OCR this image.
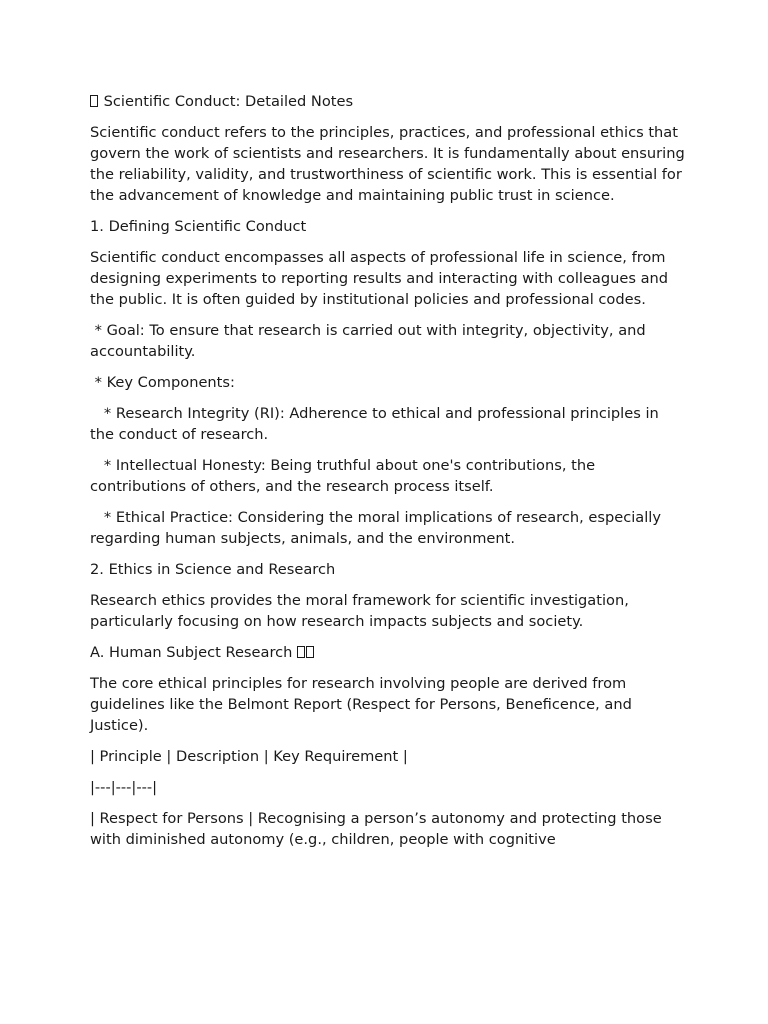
Scientific Conduct: Detailed Notes

Scientific conduct refers to the principles, practices, and professional ethics that govern the work of scientists and researchers. It is fundamentally about ensuring the reliability, validity, and trustworthiness of scientific work. This is essential for the advancement of knowledge and maintaining public trust in science.

1. Defining Scientific Conduct

Scientific conduct encompasses all aspects of professional life in science, from designing experiments to reporting results and interacting with colleagues and the public. It is often guided by institutional policies and professional codes.

* Goal: To ensure that research is carried out with integrity, objectivity, and accountability.

* Key Components:

* Research Integrity (RI): Adherence to ethical and professional principles in the conduct of research.

* Intellectual Honesty: Being truthful about one's contributions, the contributions of others, and the research process itself.

* Ethical Practice: Considering the moral implications of research, especially regarding human subjects, animals, and the environment.

2. Ethics in Science and Research

Research ethics provides the moral framework for scientific investigation, particularly focusing on how research impacts subjects and society.

A. Human Subject Research

The core ethical principles for research involving people are derived from guidelines like the Belmont Report (Respect for Persons, Beneficence, and Justice).

| Principle | Description | Key Requirement |

|---|---|---|

| Respect for Persons | Recognising a person’s autonomy and protecting those with diminished autonomy (e.g., children, people with cognitive
